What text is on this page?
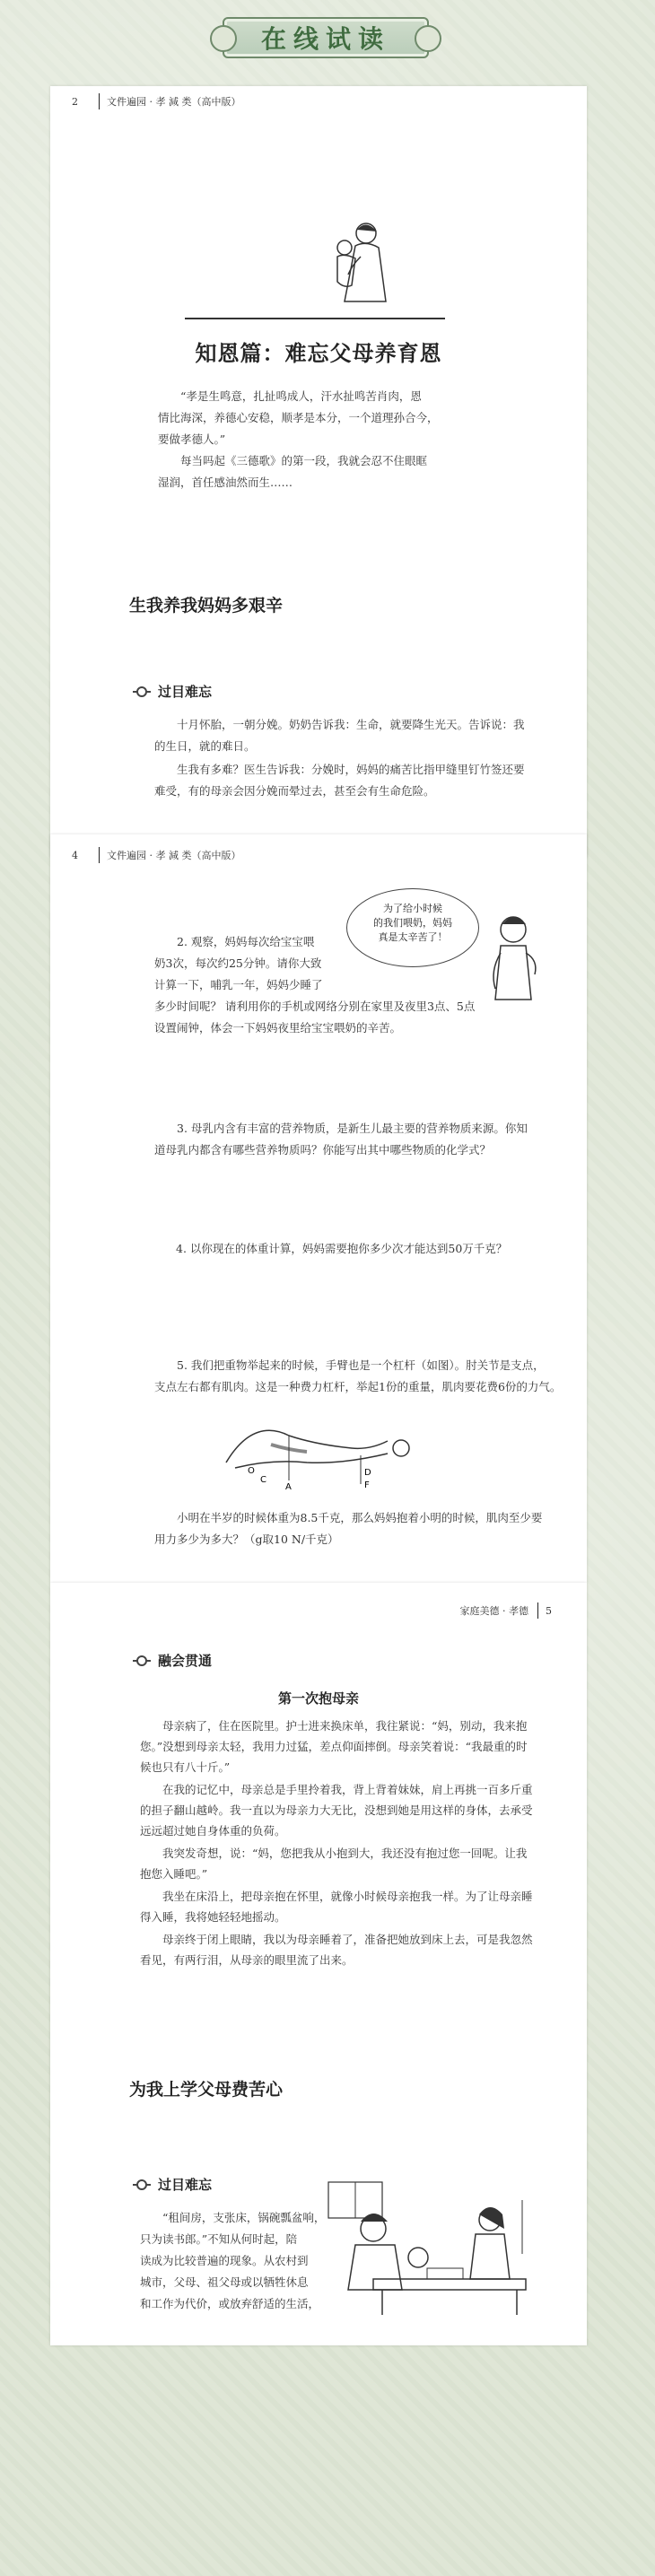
在线试读
2	文件遍园 · 孝 減 类（高中版）
知恩篇：难忘父母养育恩
“孝是生鸣意，扎扯鸣成人，汗水扯鸣苦肖肉，恩
情比海深，养德心安稳，顺孝是本分，一个道理孙合今，
要做孝德人。”
每当吗起《三德歌》的第一段，我就会忍不住眼眶
湿润，首任感油然而生……
生我养我妈妈多艰辛
过目难忘

十月怀胎，一朝分娩。奶奶告诉我：生命，就要降生光天。告诉说：我的生日，就的难日。

生我有多难？医生告诉我：分娩时，妈妈的痛苦比指甲缝里钉竹签还要难受，有的母亲会因分娩而晕过去，甚至会有生命危险。

4	文件遍园 · 孝 減 类（高中版）
为了给小时候
的我们喂奶，妈妈
真是太辛苦了！
2. 观察，妈妈每次给宝宝喂
奶3次，每次约25分钟。请你大致
计算一下，哺乳一年，妈妈少睡了
多少时间呢？ 请利用你的手机或网络分别在家里及夜里3点、5点
设置闹钟，体会一下妈妈夜里给宝宝喂奶的辛苦。
3. 母乳内含有丰富的营养物质，是新生儿最主要的营养物质来源。你知
道母乳内都含有哪些营养物质吗？你能写出其中哪些物质的化学式？
4. 以你现在的体重计算，妈妈需要抱你多少次才能达到50万千克？
5. 我们把重物举起来的时候，手臂也是一个杠杆（如图）。肘关节是支点，
支点左右都有肌肉。这是一种费力杠杆，举起1份的重量，肌肉要花费6份的力气。
C
O
A
D
F
小明在半岁的时候体重为8.5千克，那么妈妈抱着小明的时候，肌肉至少要
用力多少为多大？（g取10 N/千克）
家庭美德 · 孝德 5
融会贯通
第一次抱母亲

母亲病了，住在医院里。护士进来换床单，我往紧说：“妈，别动，我来抱您。”没想到母亲太轻，我用力过猛，差点仰面摔倒。母亲笑着说：“我最重的时候也只有八十斤。”

在我的记忆中，母亲总是手里拎着我，背上背着妹妹，肩上再挑一百多斤重的担子翻山越岭。我一直以为母亲力大无比，没想到她是用这样的身体，去承受远远超过她自身体重的负荷。

我突发奇想，说：“妈，您把我从小抱到大，我还没有抱过您一回呢。让我抱您入睡吧。”

我坐在床沿上，把母亲抱在怀里，就像小时候母亲抱我一样。为了让母亲睡得入睡，我将她轻轻地摇动。

母亲终于闭上眼睛，我以为母亲睡着了，准备把她放到床上去，可是我忽然看见，有两行泪，从母亲的眼里流了出来。

为我上学父母费苦心
过目难忘
“租间房，支张床，锅碗瓢盆响，
只为读书郎。”不知从何时起，陪
读成为比较普遍的现象。从农村到
城市，父母、祖父母或以牺牲休息
和工作为代价，或放弃舒适的生活，
